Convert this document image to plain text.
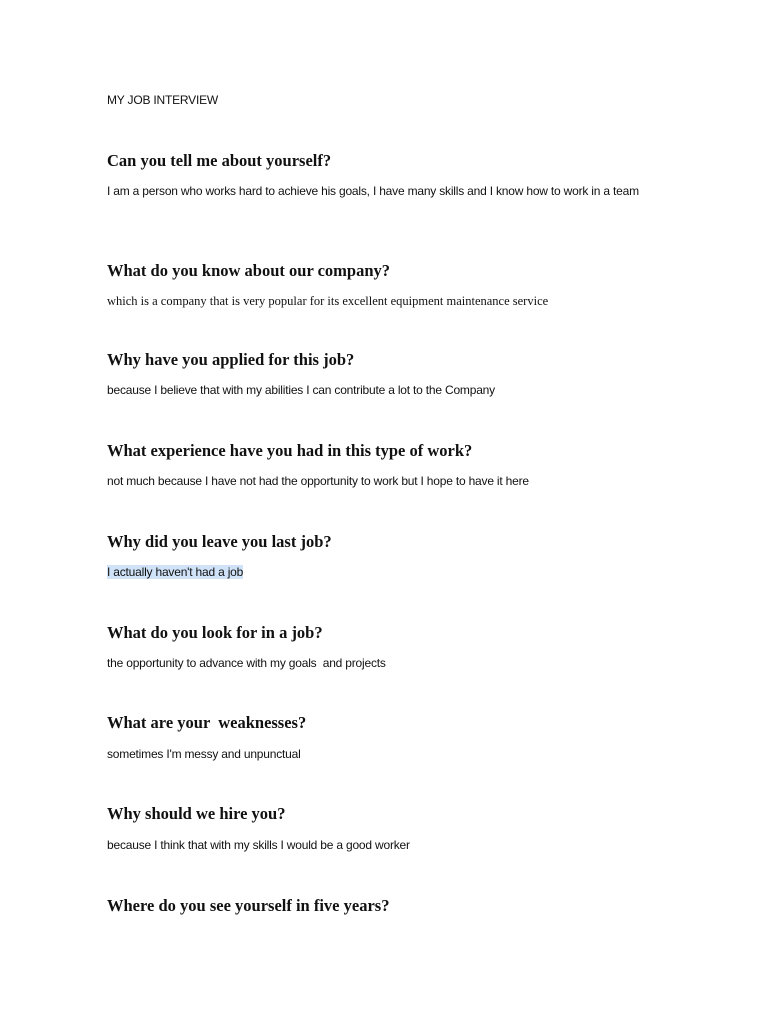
MY JOB INTERVIEW
Can you tell me about yourself?
I am a person who works hard to achieve his goals, I have many skills and I know how to work in a team
What do you know about our company?
which is a company that is very popular for its excellent equipment maintenance service
Why have you applied for this job?
because I believe that with my abilities I can contribute a lot to the Company
What experience have you had in this type of work?
not much because I have not had the opportunity to work but I hope to have it here
Why did you leave you last job?
I actually haven't had a job
What do you look for in a job?
the opportunity to advance with my goals  and projects
What are your  weaknesses?
sometimes I'm messy and unpunctual
Why should we hire you?
because I think that with my skills I would be a good worker
Where do you see yourself in five years?
